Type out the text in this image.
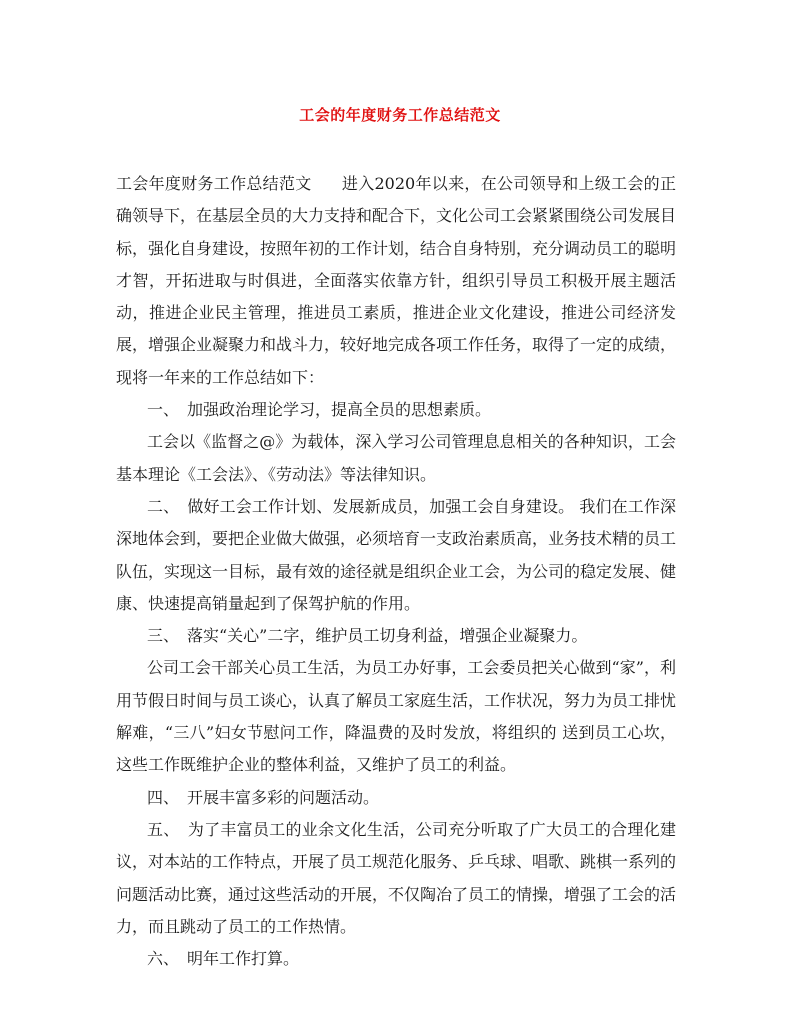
工会的年度财务工作总结范文

工会年度财务工作总结范文 进入2020年以来，在公司领导和上级工会的正确领导下，在基层全员的大力支持和配合下，文化公司工会紧紧围绕公司发展目标，强化自身建设，按照年初的工作计划，结合自身特别，充分调动员工的聪明才智，开拓进取与时俱进，全面落实依靠方针，组织引导员工积极开展主题活动，推进企业民主管理，推进员工素质，推进企业文化建设，推进公司经济发展，增强企业凝聚力和战斗力，较好地完成各项工作任务，取得了一定的成绩，现将一年来的工作总结如下：

一、　加强政治理论学习，提高全员的思想素质。

工会以《监督之@》为载体，深入学习公司管理息息相关的各种知识，工会基本理论《工会法》、《劳动法》等法律知识。

二、　做好工会工作计划、发展新成员，加强工会自身建设。 我们在工作深深地体会到，要把企业做大做强，必须培育一支政治素质高，业务技术精的员工队伍，实现这一目标，最有效的途径就是组织企业工会，为公司的稳定发展、健康、快速提高销量起到了保驾护航的作用。

三、　落实“关心”二字，维护员工切身利益，增强企业凝聚力。

公司工会干部关心员工生活，为员工办好事，工会委员把关心做到“家”，利用节假日时间与员工谈心，认真了解员工家庭生活，工作状况，努力为员工排忧解难，“三八”妇女节慰问工作，降温费的及时发放，将组织的 送到员工心坎，这些工作既维护企业的整体利益，又维护了员工的利益。

四、　开展丰富多彩的问题活动。

五、　为了丰富员工的业余文化生活，公司充分听取了广大员工的合理化建议，对本站的工作特点，开展了员工规范化服务、乒乓球、唱歌、跳棋一系列的问题活动比赛，通过这些活动的开展，不仅陶冶了员工的情操，增强了工会的活力，而且跳动了员工的工作热情。

六、　明年工作打算。
